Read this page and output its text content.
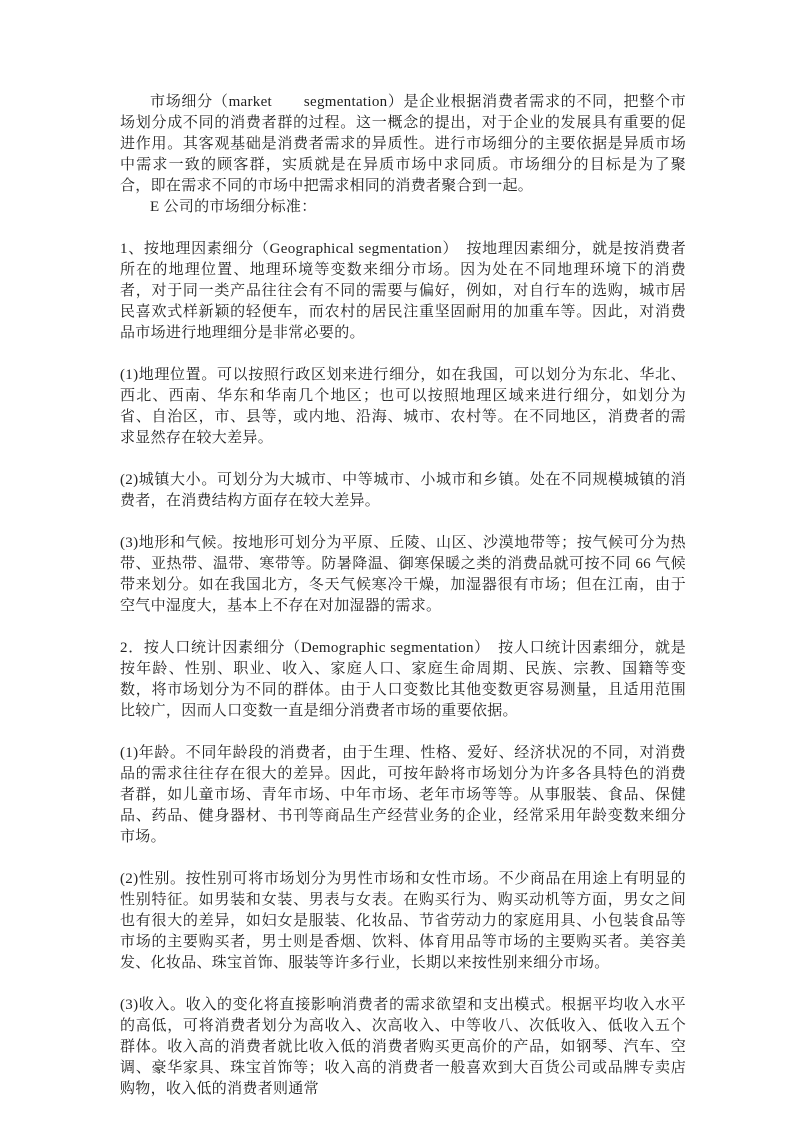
市场细分（market　　segmentation）是企业根据消费者需求的不同，把整个市场划分成不同的消费者群的过程。这一概念的提出，对于企业的发展具有重要的促进作用。其客观基础是消费者需求的异质性。进行市场细分的主要依据是异质市场中需求一致的顾客群，实质就是在异质市场中求同质。市场细分的目标是为了聚合，即在需求不同的市场中把需求相同的消费者聚合到一起。

E 公司的市场细分标准：

1、按地理因素细分（Geographical segmentation）　按地理因素细分，就是按消费者所在的地理位置、地理环境等变数来细分市场。因为处在不同地理环境下的消费者，对于同一类产品往往会有不同的需要与偏好，例如，对自行车的选购，城市居民喜欢式样新颖的轻便车，而农村的居民注重坚固耐用的加重车等。因此，对消费品市场进行地理细分是非常必要的。

(1)地理位置。可以按照行政区划来进行细分，如在我国，可以划分为东北、华北、西北、西南、华东和华南几个地区；也可以按照地理区域来进行细分，如划分为省、自治区，市、县等，或内地、沿海、城市、农村等。在不同地区，消费者的需求显然存在较大差异。

(2)城镇大小。可划分为大城市、中等城市、小城市和乡镇。处在不同规模城镇的消费者，在消费结构方面存在较大差异。

(3)地形和气候。按地形可划分为平原、丘陵、山区、沙漠地带等；按气候可分为热带、亚热带、温带、寒带等。防暑降温、御寒保暖之类的消费品就可按不同 66 气候带来划分。如在我国北方，冬天气候寒冷干燥，加湿器很有市场；但在江南，由于空气中湿度大，基本上不存在对加湿器的需求。

2．按人口统计因素细分（Demographic segmentation）　按人口统计因素细分，就是按年龄、性别、职业、收入、家庭人口、家庭生命周期、民族、宗教、国籍等变数，将市场划分为不同的群体。由于人口变数比其他变数更容易测量，且适用范围比较广，因而人口变数一直是细分消费者市场的重要依据。

(1)年龄。不同年龄段的消费者，由于生理、性格、爱好、经济状况的不同，对消费品的需求往往存在很大的差异。因此，可按年龄将市场划分为许多各具特色的消费者群，如儿童市场、青年市场、中年市场、老年市场等等。从事服装、食品、保健品、药品、健身器材、书刊等商品生产经营业务的企业，经常采用年龄变数来细分市场。

(2)性别。按性别可将市场划分为男性市场和女性市场。不少商品在用途上有明显的性别特征。如男装和女装、男表与女表。在购买行为、购买动机等方面，男女之间也有很大的差异，如妇女是服装、化妆品、节省劳动力的家庭用具、小包装食品等市场的主要购买者，男士则是香烟、饮料、体育用品等市场的主要购买者。美容美发、化妆品、珠宝首饰、服装等许多行业，长期以来按性别来细分市场。

(3)收入。收入的变化将直接影响消费者的需求欲望和支出模式。根据平均收入水平的高低，可将消费者划分为高收入、次高收入、中等收八、次低收入、低收入五个群体。收入高的消费者就比收入低的消费者购买更高价的产品，如钢琴、汽车、空调、豪华家具、珠宝首饰等；收入高的消费者一般喜欢到大百货公司或品牌专卖店购物，收入低的消费者则通常
